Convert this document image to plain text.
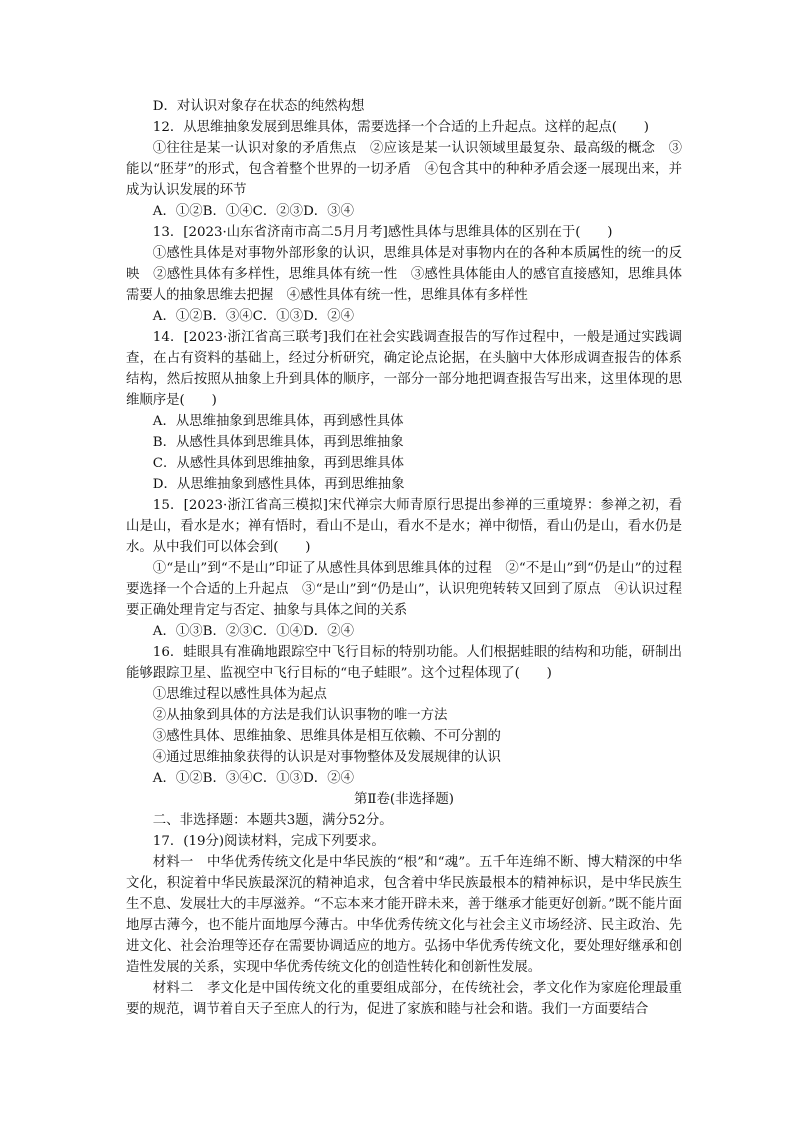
D．对认识对象存在状态的纯然构想

12．从思维抽象发展到思维具体，需要选择一个合适的上升起点。这样的起点(　　)

①往往是某一认识对象的矛盾焦点　②应该是某一认识领域里最复杂、最高级的概念　③能以“胚芽”的形式，包含着整个世界的一切矛盾　④包含其中的种种矛盾会逐一展现出来，并成为认识发展的环节

A．①②B．①④C．②③D．③④

13．[2023·山东省济南市高二5月月考]感性具体与思维具体的区别在于(　　)

①感性具体是对事物外部形象的认识，思维具体是对事物内在的各种本质属性的统一的反映　②感性具体有多样性，思维具体有统一性　③感性具体能由人的感官直接感知，思维具体需要人的抽象思维去把握　④感性具体有统一性，思维具体有多样性

A．①②B．③④C．①③D．②④

14．[2023·浙江省高三联考]我们在社会实践调查报告的写作过程中，一般是通过实践调查，在占有资料的基础上，经过分析研究，确定论点论据，在头脑中大体形成调查报告的体系结构，然后按照从抽象上升到具体的顺序，一部分一部分地把调查报告写出来，这里体现的思维顺序是(　　)

A．从思维抽象到思维具体，再到感性具体

B．从感性具体到思维具体，再到思维抽象

C．从感性具体到思维抽象，再到思维具体

D．从思维抽象到感性具体，再到思维抽象

15．[2023·浙江省高三模拟]宋代禅宗大师青原行思提出参禅的三重境界：参禅之初，看山是山，看水是水；禅有悟时，看山不是山，看水不是水；禅中彻悟，看山仍是山，看水仍是水。从中我们可以体会到(　　)

①“是山”到“不是山”印证了从感性具体到思维具体的过程　②“不是山”到“仍是山”的过程要选择一个合适的上升起点　③“是山”到“仍是山”，认识兜兜转转又回到了原点　④认识过程要正确处理肯定与否定、抽象与具体之间的关系

A．①③B．②③C．①④D．②④

16．蛙眼具有准确地跟踪空中飞行目标的特别功能。人们根据蛙眼的结构和功能，研制出能够跟踪卫星、监视空中飞行目标的“电子蛙眼”。这个过程体现了(　　)

①思维过程以感性具体为起点

②从抽象到具体的方法是我们认识事物的唯一方法

③感性具体、思维抽象、思维具体是相互依赖、不可分割的

④通过思维抽象获得的认识是对事物整体及发展规律的认识

A．①②B．③④C．①③D．②④

第Ⅱ卷(非选择题)

二、非选择题：本题共3题，满分52分。

17．(19分)阅读材料，完成下列要求。

材料一　中华优秀传统文化是中华民族的“根”和“魂”。五千年连绵不断、博大精深的中华文化，积淀着中华民族最深沉的精神追求，包含着中华民族最根本的精神标识，是中华民族生生不息、发展壮大的丰厚滋养。“不忘本来才能开辟未来，善于继承才能更好创新。”既不能片面地厚古薄今，也不能片面地厚今薄古。中华优秀传统文化与社会主义市场经济、民主政治、先进文化、社会治理等还存在需要协调适应的地方。弘扬中华优秀传统文化，要处理好继承和创造性发展的关系，实现中华优秀传统文化的创造性转化和创新性发展。

材料二　孝文化是中国传统文化的重要组成部分，在传统社会，孝文化作为家庭伦理最重要的规范，调节着自天子至庶人的行为，促进了家族和睦与社会和谐。我们一方面要结合
